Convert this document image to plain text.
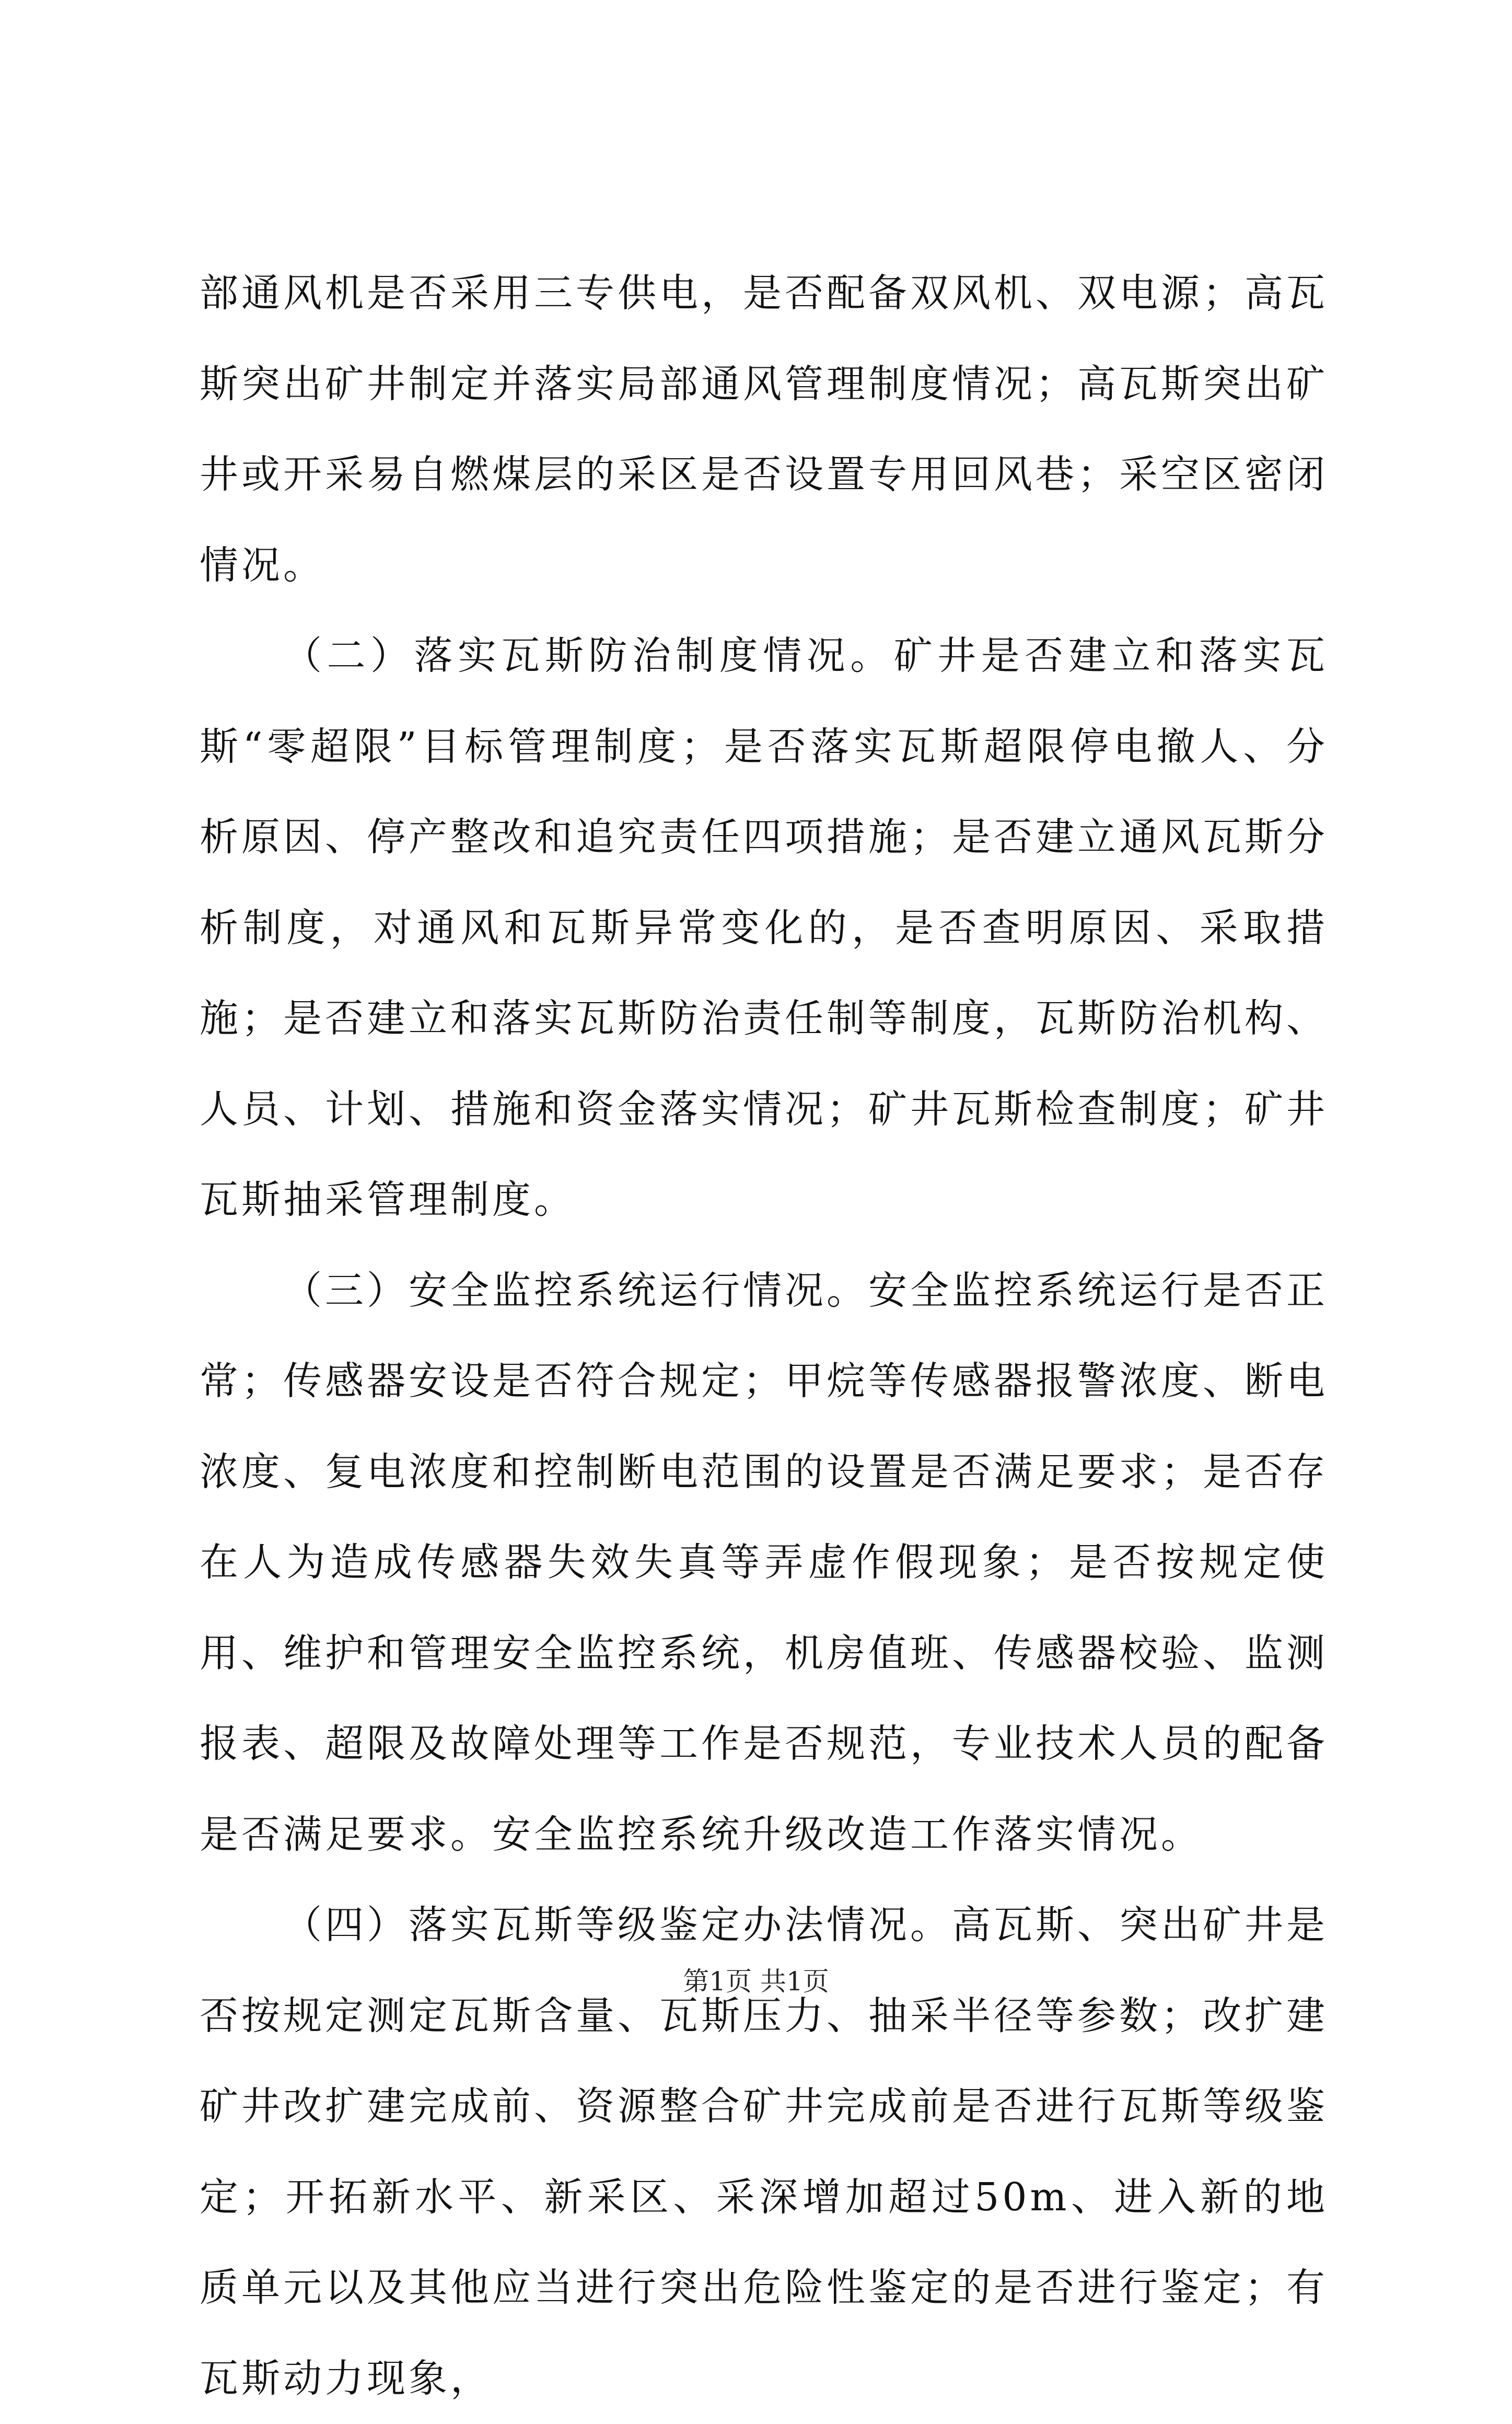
部通风机是否采用三专供电，是否配备双风机、双电源；高瓦斯突出矿井制定并落实局部通风管理制度情况；高瓦斯突出矿井或开采易自燃煤层的采区是否设置专用回风巷；采空区密闭情况。

（二）落实瓦斯防治制度情况。矿井是否建立和落实瓦斯“零超限”目标管理制度；是否落实瓦斯超限停电撤人、分析原因、停产整改和追究责任四项措施；是否建立通风瓦斯分析制度，对通风和瓦斯异常变化的，是否查明原因、采取措施；是否建立和落实瓦斯防治责任制等制度，瓦斯防治机构、人员、计划、措施和资金落实情况；矿井瓦斯检查制度；矿井瓦斯抽采管理制度。

（三）安全监控系统运行情况。安全监控系统运行是否正常；传感器安设是否符合规定；甲烷等传感器报警浓度、断电浓度、复电浓度和控制断电范围的设置是否满足要求；是否存在人为造成传感器失效失真等弄虚作假现象；是否按规定使用、维护和管理安全监控系统，机房值班、传感器校验、监测报表、超限及故障处理等工作是否规范，专业技术人员的配备是否满足要求。安全监控系统升级改造工作落实情况。

（四）落实瓦斯等级鉴定办法情况。高瓦斯、突出矿井是否按规定测定瓦斯含量、瓦斯压力、抽采半径等参数；改扩建矿井改扩建完成前、资源整合矿井完成前是否进行瓦斯等级鉴定；开拓新水平、新采区、采深增加超过50m、进入新的地质单元以及其他应当进行突出危险性鉴定的是否进行鉴定；有瓦斯动力现象，

第1页 共1页
